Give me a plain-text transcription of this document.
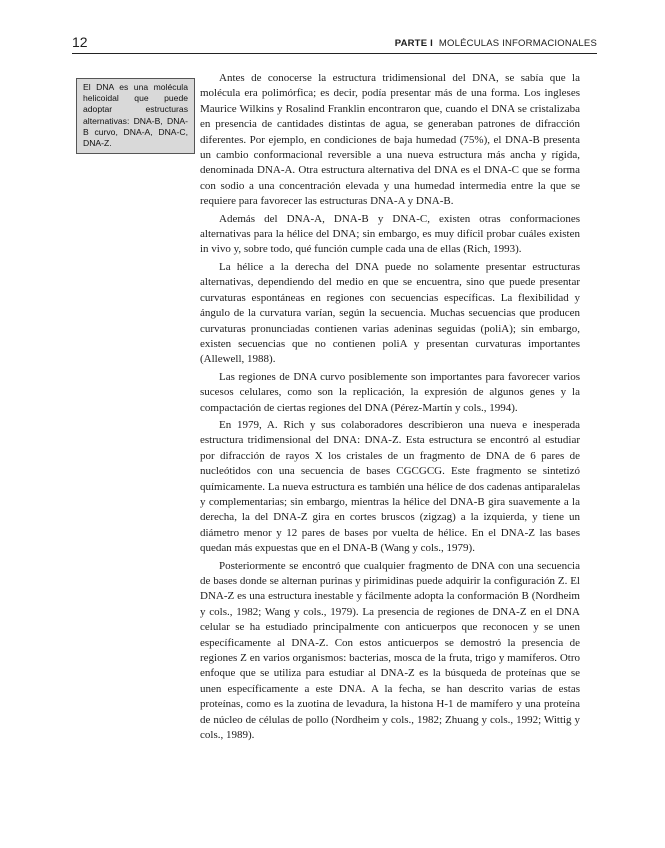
12	PARTE I MOLÉCULAS INFORMACIONALES
El DNA es una molécula helicoidal que puede adoptar estructuras alternativas: DNA-B, DNA-B curvo, DNA-A, DNA-C, DNA-Z.

Antes de conocerse la estructura tridimensional del DNA, se sabía que la molécula era polimórfica; es decir, podía presentar más de una forma. Los ingleses Maurice Wilkins y Rosalind Franklin encontraron que, cuando el DNA se cristalizaba en presencia de cantidades distintas de agua, se generaban patrones de difracción diferentes. Por ejemplo, en condiciones de baja humedad (75%), el DNA-B presenta un cambio conformacional reversible a una nueva estructura más ancha y rígida, denominada DNA-A. Otra estructura alternativa del DNA es el DNA-C que se forma con sodio a una concentración elevada y una humedad intermedia entre la que se requiere para favorecer las estructuras DNA-A y DNA-B.

Además del DNA-A, DNA-B y DNA-C, existen otras conformaciones alternativas para la hélice del DNA; sin embargo, es muy difícil probar cuáles existen in vivo y, sobre todo, qué función cumple cada una de ellas (Rich, 1993).

La hélice a la derecha del DNA puede no solamente presentar estructuras alternativas, dependiendo del medio en que se encuentra, sino que puede presentar curvaturas espontáneas en regiones con secuencias específicas. La flexibilidad y ángulo de la curvatura varían, según la secuencia. Muchas secuencias que producen curvaturas pronunciadas contienen varias adeninas seguidas (poliA); sin embargo, existen secuencias que no contienen poliA y presentan curvaturas importantes (Allewell, 1988).

Las regiones de DNA curvo posiblemente son importantes para favorecer varios sucesos celulares, como son la replicación, la expresión de algunos genes y la compactación de ciertas regiones del DNA (Pérez-Martín y cols., 1994).

En 1979, A. Rich y sus colaboradores describieron una nueva e inesperada estructura tridimensional del DNA: DNA-Z. Esta estructura se encontró al estudiar por difracción de rayos X los cristales de un fragmento de DNA de 6 pares de nucleótidos con una secuencia de bases CGCGCG. Este fragmento se sintetizó químicamente. La nueva estructura es también una hélice de dos cadenas antiparalelas y complementarias; sin embargo, mientras la hélice del DNA-B gira suavemente a la derecha, la del DNA-Z gira en cortes bruscos (zigzag) a la izquierda, y tiene un diámetro menor y 12 pares de bases por vuelta de hélice. En el DNA-Z las bases quedan más expuestas que en el DNA-B (Wang y cols., 1979).

Posteriormente se encontró que cualquier fragmento de DNA con una secuencia de bases donde se alternan purinas y pirimidinas puede adquirir la configuración Z. El DNA-Z es una estructura inestable y fácilmente adopta la conformación B (Nordheim y cols., 1982; Wang y cols., 1979). La presencia de regiones de DNA-Z en el DNA celular se ha estudiado principalmente con anticuerpos que reconocen y se unen específicamente al DNA-Z. Con estos anticuerpos se demostró la presencia de regiones Z en varios organismos: bacterias, mosca de la fruta, trigo y mamíferos. Otro enfoque que se utiliza para estudiar al DNA-Z es la búsqueda de proteínas que se unen específicamente a este DNA. A la fecha, se han descrito varias de estas proteínas, como es la zuotina de levadura, la histona H-1 de mamífero y una proteína de núcleo de células de pollo (Nordheim y cols., 1982; Zhuang y cols., 1992; Wittig y cols., 1989).
